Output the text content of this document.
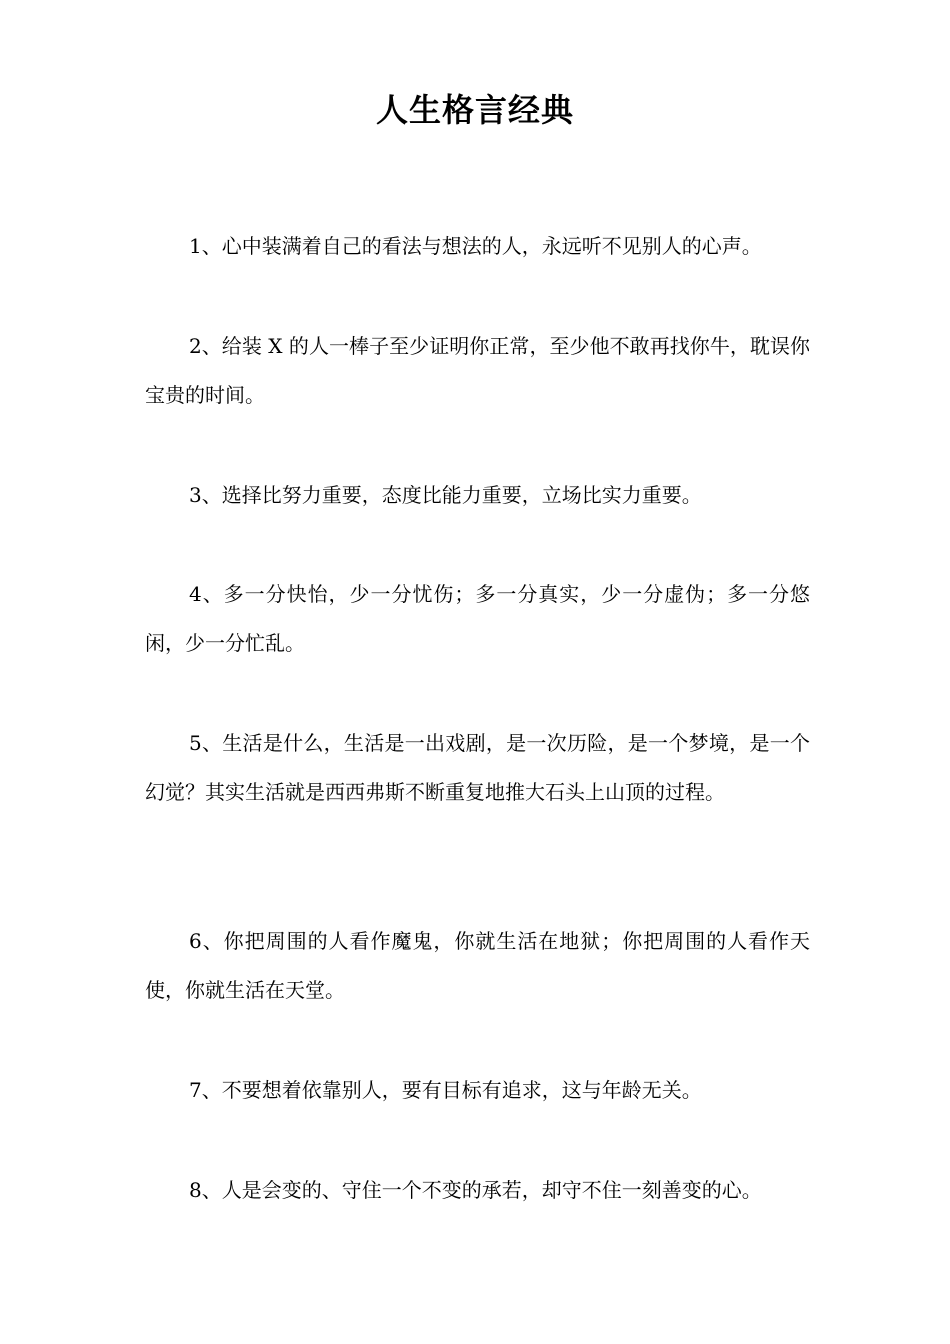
人生格言经典

1、心中装满着自己的看法与想法的人，永远听不见别人的心声。

2、给装 X 的人一棒子至少证明你正常，至少他不敢再找你牛，耽误你宝贵的时间。

3、选择比努力重要，态度比能力重要，立场比实力重要。

4、多一分快怡，少一分忧伤；多一分真实，少一分虚伪；多一分悠闲，少一分忙乱。

5、生活是什么，生活是一出戏剧，是一次历险，是一个梦境，是一个幻觉？其实生活就是西西弗斯不断重复地推大石头上山顶的过程。

6、你把周围的人看作魔鬼，你就生活在地狱；你把周围的人看作天使，你就生活在天堂。

7、不要想着依靠别人，要有目标有追求，这与年龄无关。

8、人是会变的、守住一个不变的承若，却守不住一刻善变的心。
